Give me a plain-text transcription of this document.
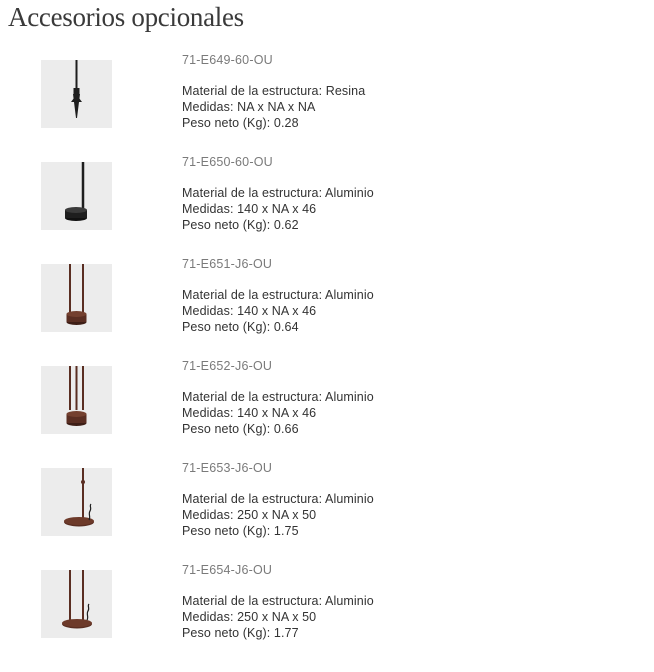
Accesorios opcionales
71-E649-60-OU
Material de la estructura: Resina
Medidas: NA x NA x NA
Peso neto (Kg): 0.28
71-E650-60-OU
Material de la estructura: Aluminio
Medidas: 140 x NA x 46
Peso neto (Kg): 0.62
71-E651-J6-OU
Material de la estructura: Aluminio
Medidas: 140 x NA x 46
Peso neto (Kg): 0.64
71-E652-J6-OU
Material de la estructura: Aluminio
Medidas: 140 x NA x 46
Peso neto (Kg): 0.66
71-E653-J6-OU
Material de la estructura: Aluminio
Medidas: 250 x NA x 50
Peso neto (Kg): 1.75
71-E654-J6-OU
Material de la estructura: Aluminio
Medidas: 250 x NA x 50
Peso neto (Kg): 1.77
